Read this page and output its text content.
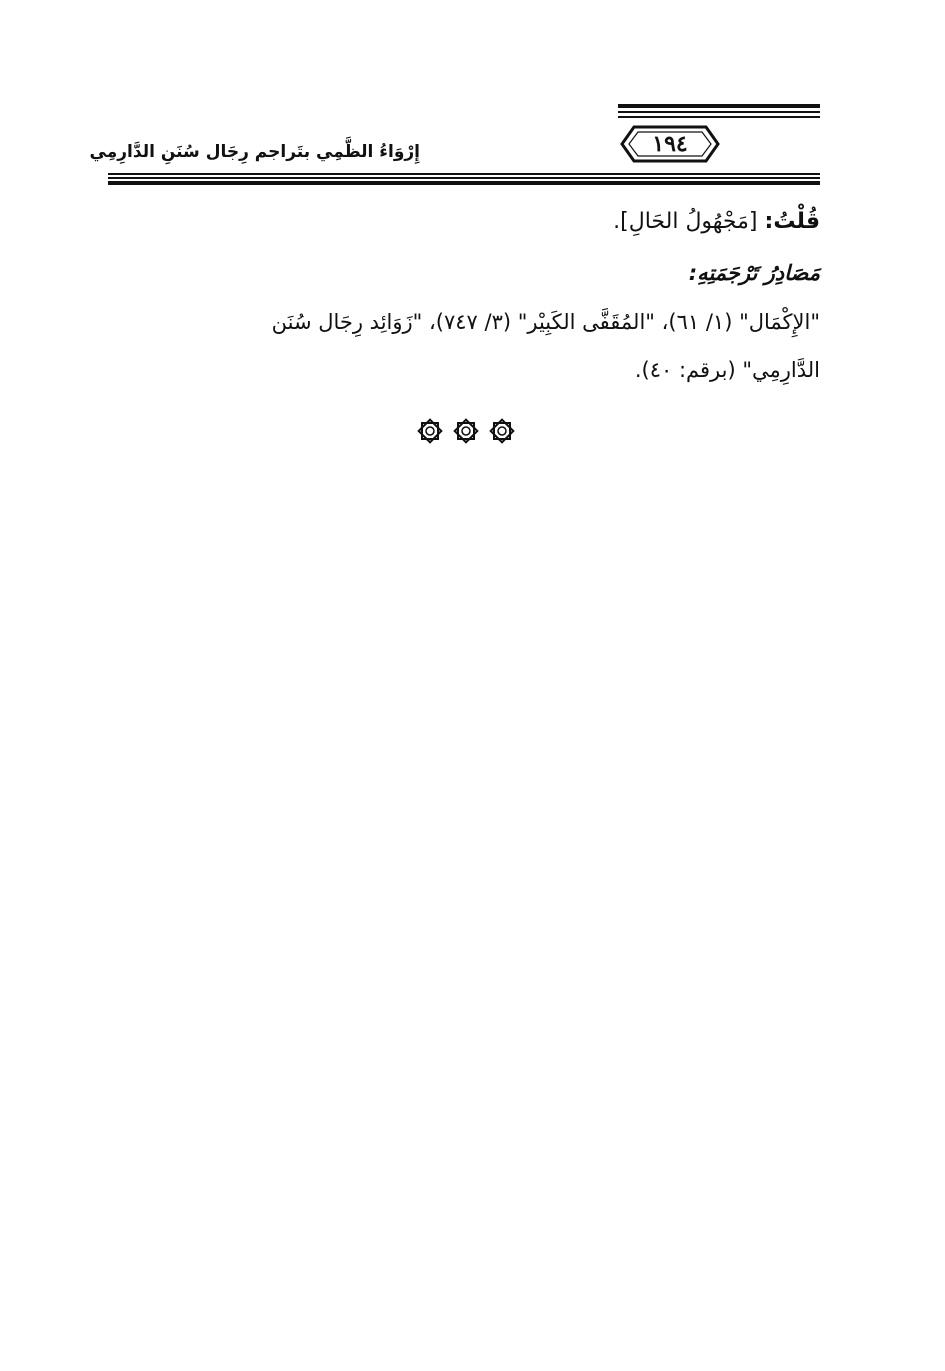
١٩٤
إِرْوَاءُ الظَّمِي بتَراجم رِجَال سُنَنِ الدَّارِمِي
قُلْتُ: [مَجْهُولُ الحَالِ].
مَصَادِرُ تَرْجَمَتِهِ:
"الإِكْمَال" (١/ ٦١)، "المُقَفَّى الكَبِيْر" (٣/ ٧٤٧)، "زَوَائِد رِجَال سُنَن
الدَّارِمِي" (برقم: ٤٠).
